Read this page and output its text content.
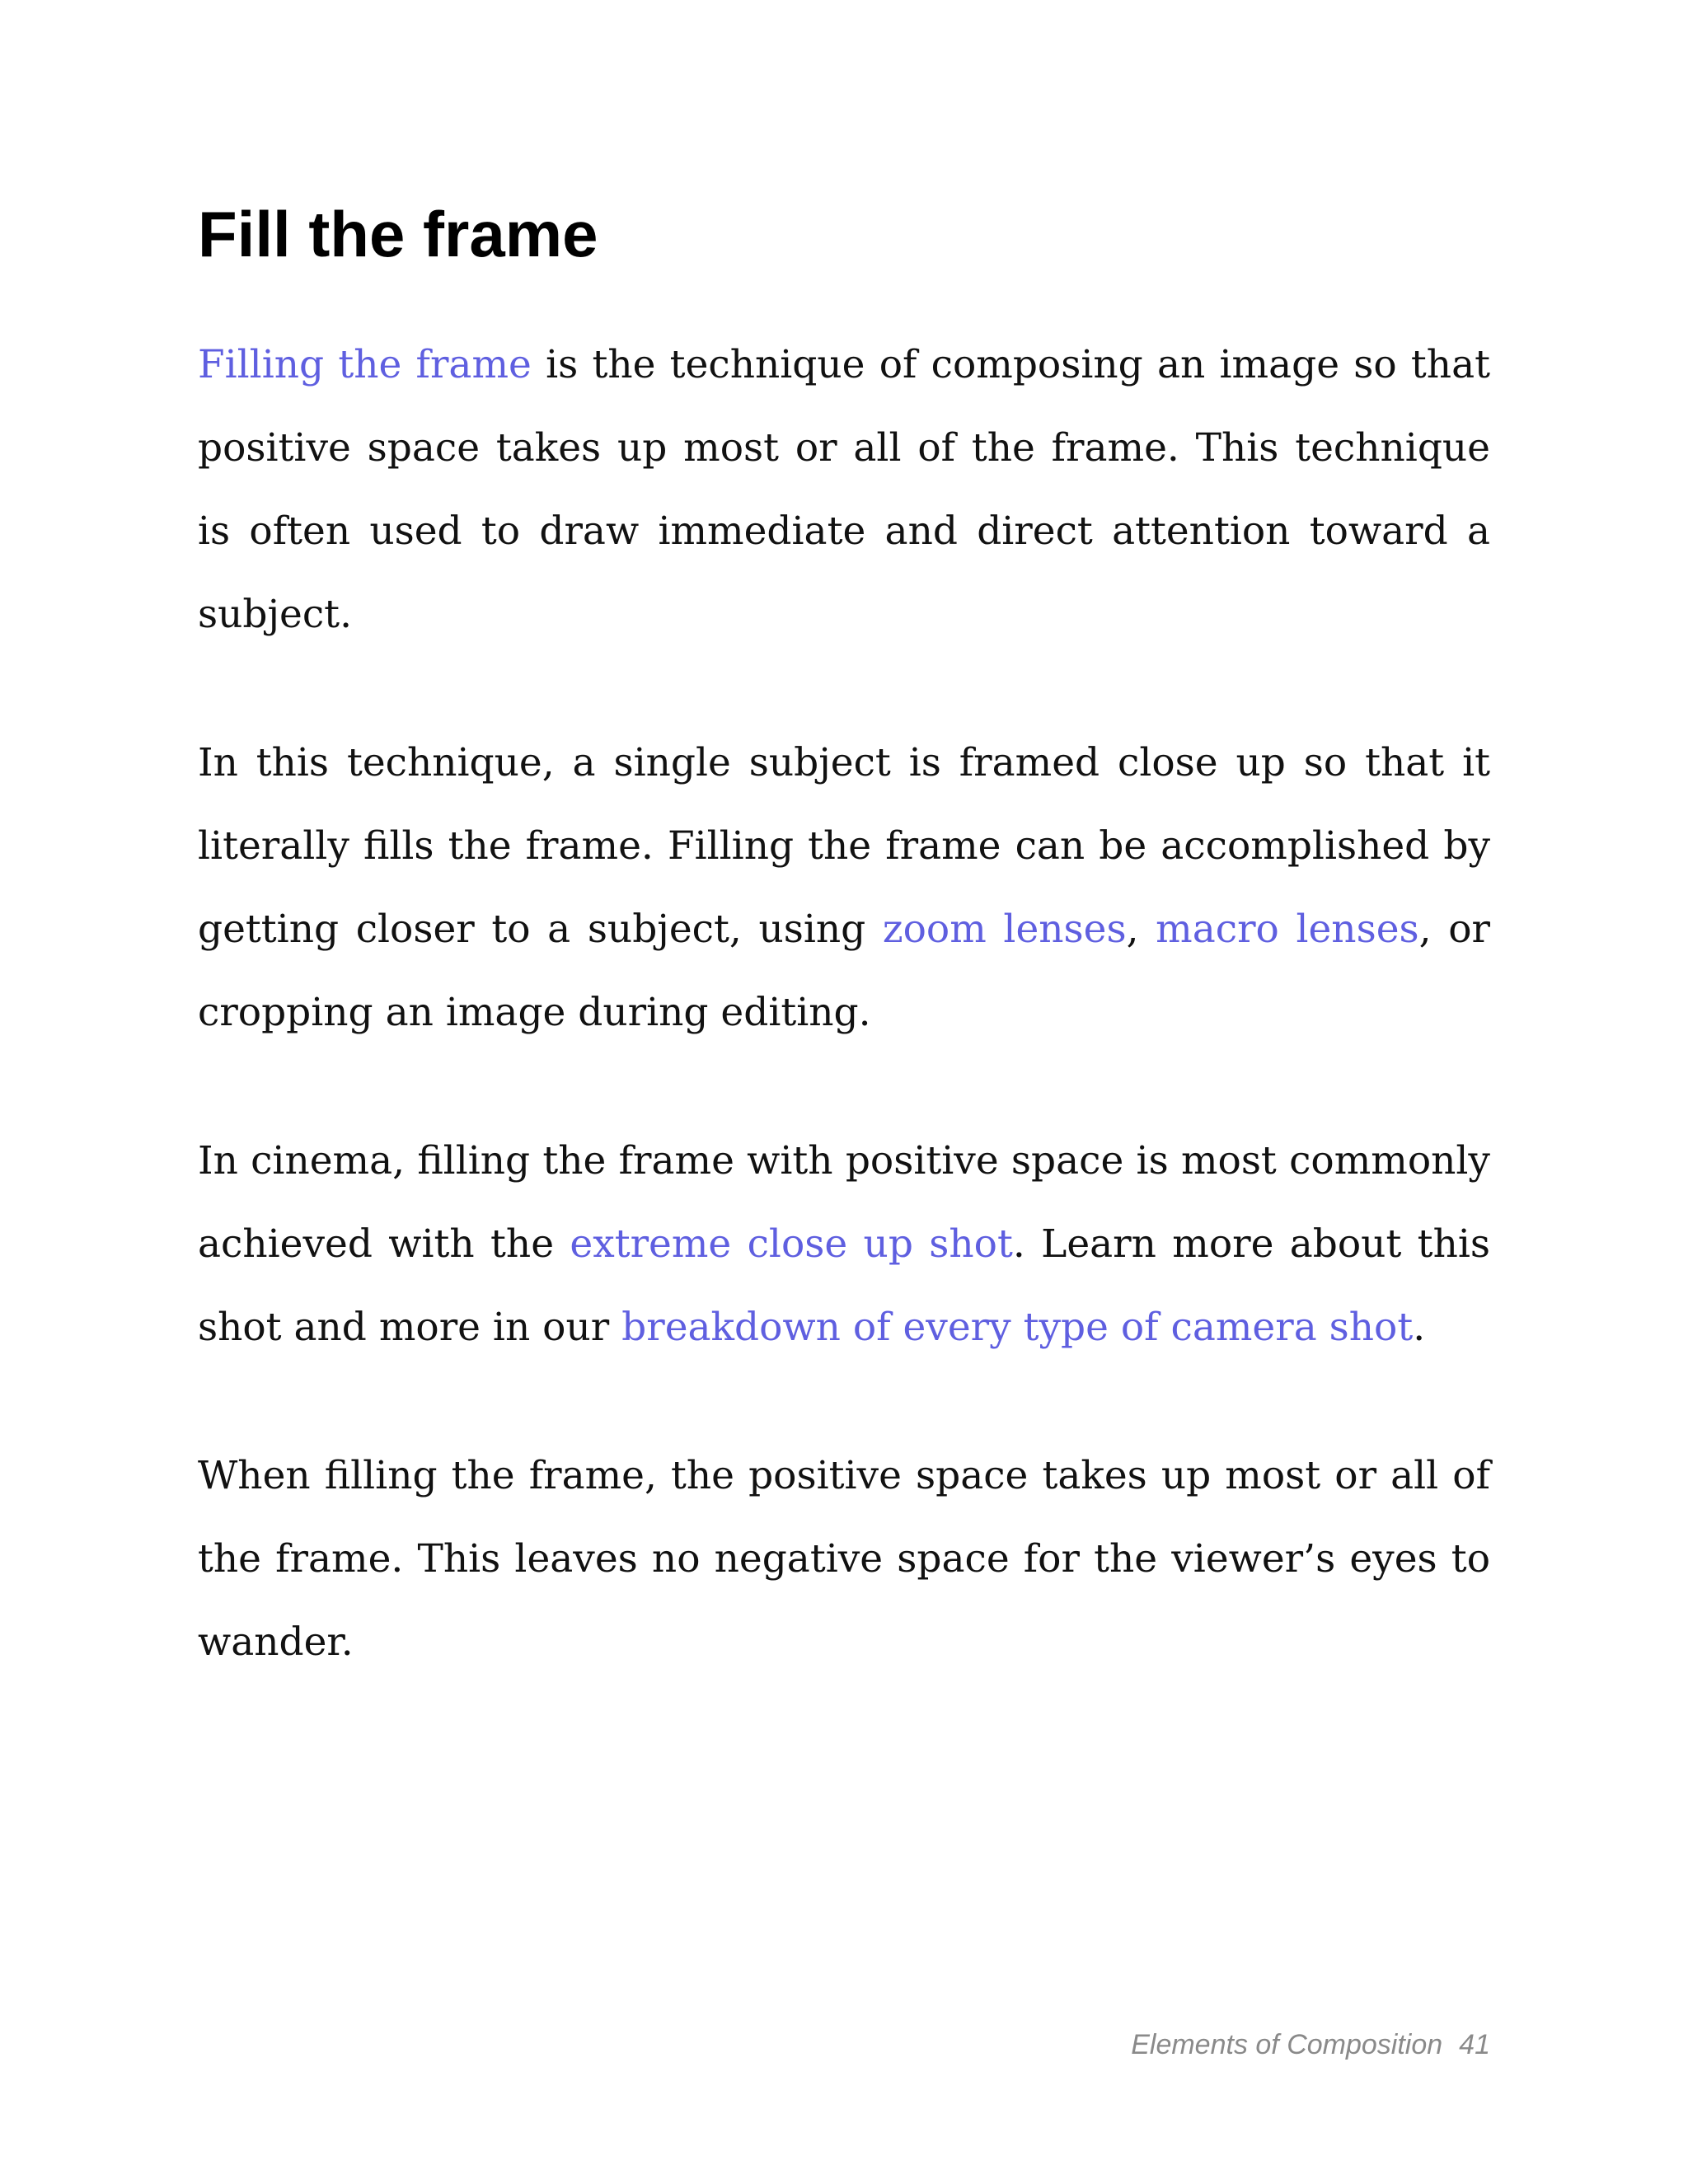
Fill the frame

Filling the frame is the technique of composing an image so that positive space takes up most or all of the frame. This technique is often used to draw immediate and direct attention toward a subject.

In this technique, a single subject is framed close up so that it literally fills the frame. Filling the frame can be accomplished by getting closer to a subject, using zoom lenses, macro lenses, or cropping an image during editing.

In cinema, filling the frame with positive space is most commonly achieved with the extreme close up shot. Learn more about this shot and more in our breakdown of every type of camera shot.

When filling the frame, the positive space takes up most or all of the frame. This leaves no negative space for the viewer’s eyes to wander.

Elements of Composition 41
